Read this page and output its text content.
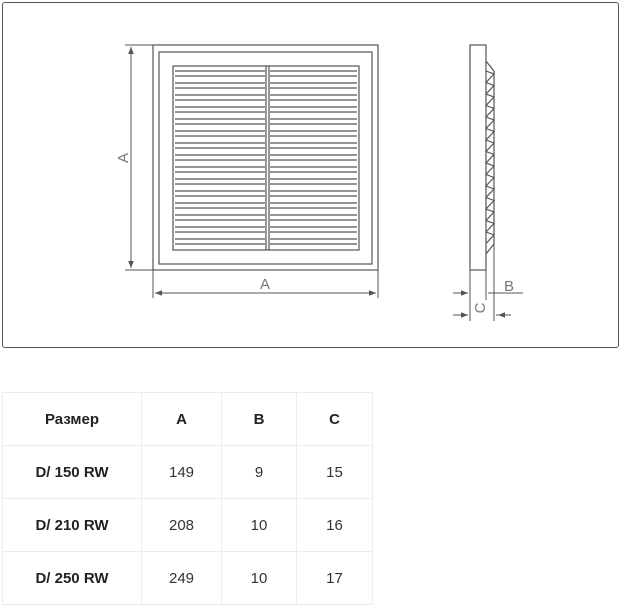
A
A	B
C
Размер	A	B	C
D/ 150 RW	149	9	15
D/ 210 RW	208	10	16
D/ 250 RW	249	10	17
